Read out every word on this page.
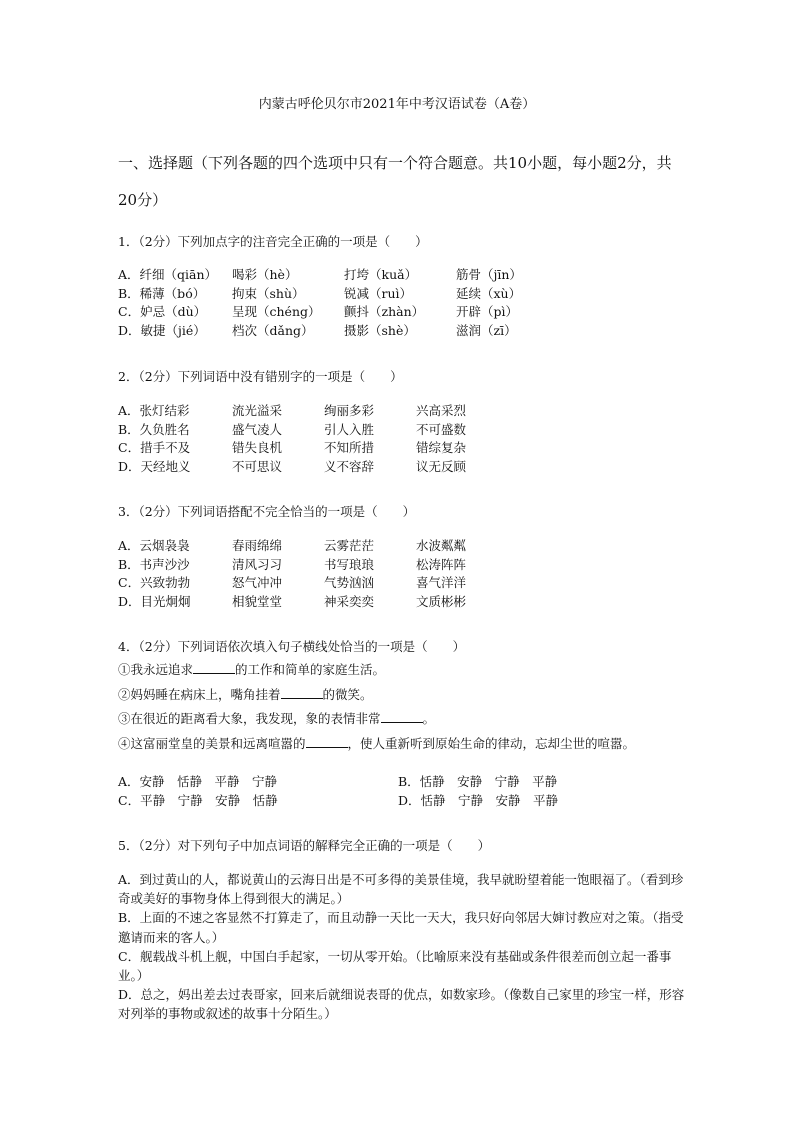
内蒙古呼伦贝尔市2021年中考汉语试卷（A卷）
一、选择题（下列各题的四个选项中只有一个符合题意。共10小题，每小题2分，共20分）
1．（2分）下列加点字的注音完全正确的一项是（　　）
A．纤细（qiān）	喝彩（hè）	打垮（kuǎ）	筋骨（jīn）
B．稀薄（bó）	拘束（shù）	锐减（ruì）	延续（xù）
C．妒忌（dù）	呈现（chéng）	颤抖（zhàn）	开辟（pì）
D．敏捷（jié）	档次（dǎng）	摄影（shè）	滋润（zī）
2．（2分）下列词语中没有错别字的一项是（　　）
A．张灯结彩	流光溢采	绚丽多彩	兴高采烈
B．久负胜名	盛气凌人	引人入胜	不可盛数
C．措手不及	错失良机	不知所措	错综复杂
D．天经地义	不可思议	义不容辞	议无反顾
3．（2分）下列词语搭配不完全恰当的一项是（　　）
A．云烟袅袅	春雨绵绵	云雾茫茫	水波粼粼
B．书声沙沙	清风习习	书写琅琅	松涛阵阵
C．兴致勃勃	怒气冲冲	气势汹汹	喜气洋洋
D．目光炯炯	相貌堂堂	神采奕奕	文质彬彬
4．（2分）下列词语依次填入句子横线处恰当的一项是（　　）
①我永远追求	的工作和简单的家庭生活。
②妈妈睡在病床上，嘴角挂着	的微笑。
③在很近的距离看大象，我发现，象的表情非常	。
④这富丽堂皇的美景和远离喧嚣的	，使人重新听到原始生命的律动，忘却尘世的喧嚣。
A．安静　恬静　平静　宁静	B．恬静　安静　宁静　平静
C．平静　宁静　安静　恬静	D．恬静　宁静　安静　平静
5．（2分）对下列句子中加点词语的解释完全正确的一项是（　　）

A．到过黄山的人，都说黄山的云海日出是不可多得的美景佳境，我早就盼望着能一饱眼福了。（看到珍奇或美好的事物身体上得到很大的满足。）

B．上面的不速之客显然不打算走了，而且动静一天比一天大，我只好向邻居大婶讨教应对之策。（指受邀请而来的客人。）

C．舰载战斗机上舰，中国白手起家，一切从零开始。（比喻原来没有基础或条件很差而创立起一番事业。）

D．总之，妈出差去过表哥家，回来后就细说表哥的优点，如数家珍。（像数自己家里的珍宝一样，形容对列举的事物或叙述的故事十分陌生。）
